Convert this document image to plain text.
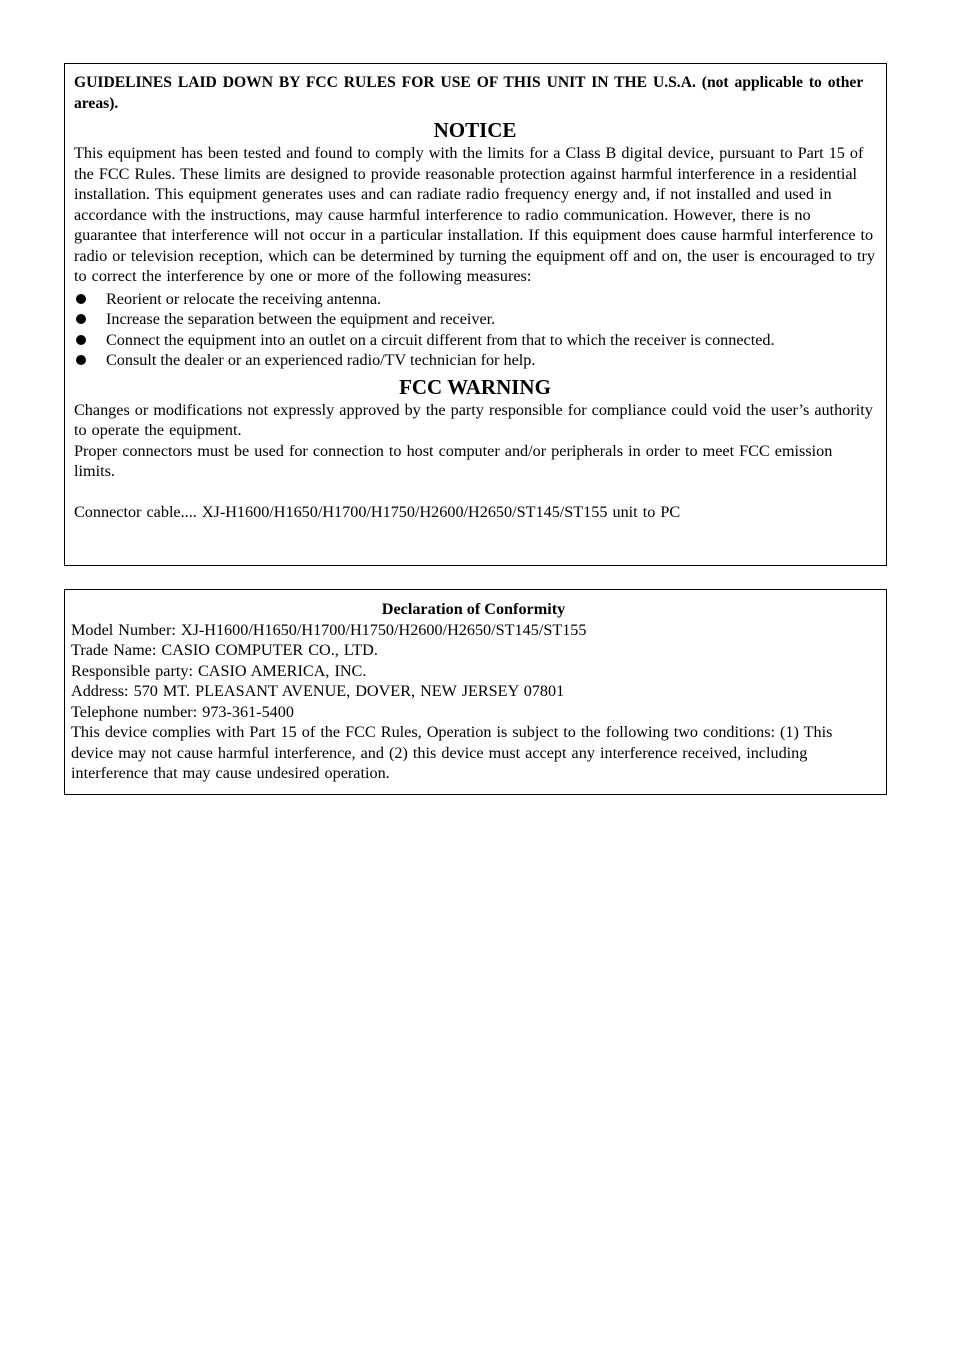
GUIDELINES LAID DOWN BY FCC RULES FOR USE OF THIS UNIT IN THE U.S.A. (not applicable to other areas).

NOTICE

This equipment has been tested and found to comply with the limits for a Class B digital device, pursuant to Part 15 of the FCC Rules. These limits are designed to provide reasonable protection against harmful interference in a residential installation. This equipment generates uses and can radiate radio frequency energy and, if not installed and used in accordance with the instructions, may cause harmful interference to radio communication. However, there is no guarantee that interference will not occur in a particular installation. If this equipment does cause harmful interference to radio or television reception, which can be determined by turning the equipment off and on, the user is encouraged to try to correct the interference by one or more of the following measures:

Reorient or relocate the receiving antenna.
Increase the separation between the equipment and receiver.
Connect the equipment into an outlet on a circuit different from that to which the receiver is connected.
Consult the dealer or an experienced radio/TV technician for help.
FCC WARNING

Changes or modifications not expressly approved by the party responsible for compliance could void the user’s authority to operate the equipment.

Proper connectors must be used for connection to host computer and/or peripherals in order to meet FCC emission limits.

Connector cable.... XJ-H1600/H1650/H1700/H1750/H2600/H2650/ST145/ST155 unit to PC

Declaration of Conformity

Model Number: XJ-H1600/H1650/H1700/H1750/H2600/H2650/ST145/ST155

Trade Name: CASIO COMPUTER CO., LTD.

Responsible party: CASIO AMERICA, INC.

Address: 570 MT. PLEASANT AVENUE, DOVER, NEW JERSEY 07801

Telephone number: 973-361-5400

This device complies with Part 15 of the FCC Rules, Operation is subject to the following two conditions: (1) This device may not cause harmful interference, and (2) this device must accept any interference received, including interference that may cause undesired operation.
